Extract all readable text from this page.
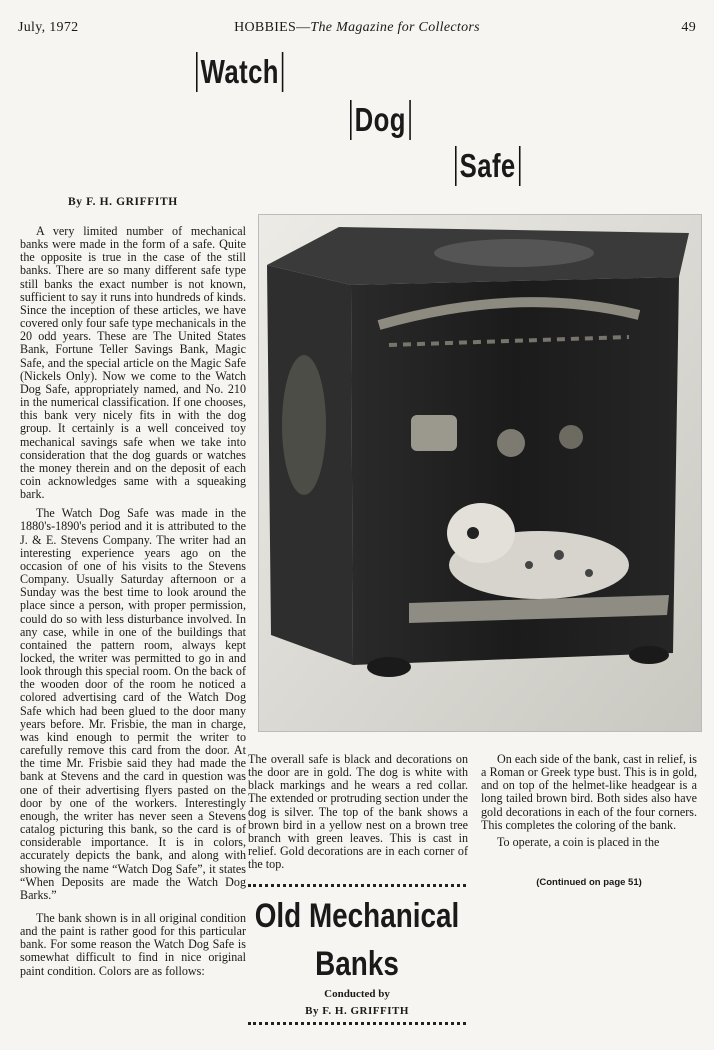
July, 1972	HOBBIES—The Magazine for Collectors	49
Watch
Dog
Safe
By F. H. GRIFFITH

A very limited number of mechanical banks were made in the form of a safe. Quite the opposite is true in the case of the still banks. There are so many different safe type still banks the exact number is not known, sufficient to say it runs into hundreds of kinds. Since the inception of these articles, we have covered only four safe type mechanicals in the 20 odd years. These are The United States Bank, Fortune Teller Savings Bank, Magic Safe, and the special article on the Magic Safe (Nickels Only). Now we come to the Watch Dog Safe, appropriately named, and No. 210 in the numerical classification. If one chooses, this bank very nicely fits in with the dog group. It certainly is a well conceived toy mechanical savings safe when we take into consideration that the dog guards or watches the money therein and on the deposit of each coin acknowledges same with a squeaking bark.

The Watch Dog Safe was made in the 1880's-1890's period and it is attributed to the J. & E. Stevens Company. The writer had an interesting experience years ago on the occasion of one of his visits to the Stevens Company. Usually Saturday afternoon or a Sunday was the best time to look around the place since a person, with proper permission, could do so with less disturbance involved. In any case, while in one of the buildings that contained the pattern room, always kept locked, the writer was permitted to go in and look through this special room. On the back of the wooden door of the room he noticed a colored advertising card of the Watch Dog Safe which had been glued to the door many years before. Mr. Frisbie, the man in charge, was kind enough to permit the writer to carefully remove this card from the door. At the time Mr. Frisbie said they had made the bank at Stevens and the card in question was one of their advertising flyers pasted on the door by one of the workers. Interestingly enough, the writer has never seen a Stevens catalog picturing this bank, so the card is of considerable importance. It is in colors, accurately depicts the bank, and along with showing the name “Watch Dog Safe”, it states “When Deposits are made the Watch Dog Barks.”

The bank shown is in all original condition and the paint is rather good for this particular bank. For some reason the Watch Dog Safe is somewhat difficult to find in nice original paint condition. Colors are as follows:

The overall safe is black and decorations on the door are in gold. The dog is white with black markings and he wears a red collar. The extended or protruding section under the dog is silver. The top of the bank shows a brown bird in a yellow nest on a brown tree branch with green leaves. This is cast in relief. Gold decorations are in each corner of the top.

On each side of the bank, cast in relief, is a Roman or Greek type bust. This is in gold, and on top of the helmet-like headgear is a long tailed brown bird. Both sides also have gold decorations in each of the four corners. This completes the coloring of the bank.

To operate, a coin is placed in the

(Continued on page 51)
Old Mechanical
Banks
Conducted by
By F. H. GRIFFITH
